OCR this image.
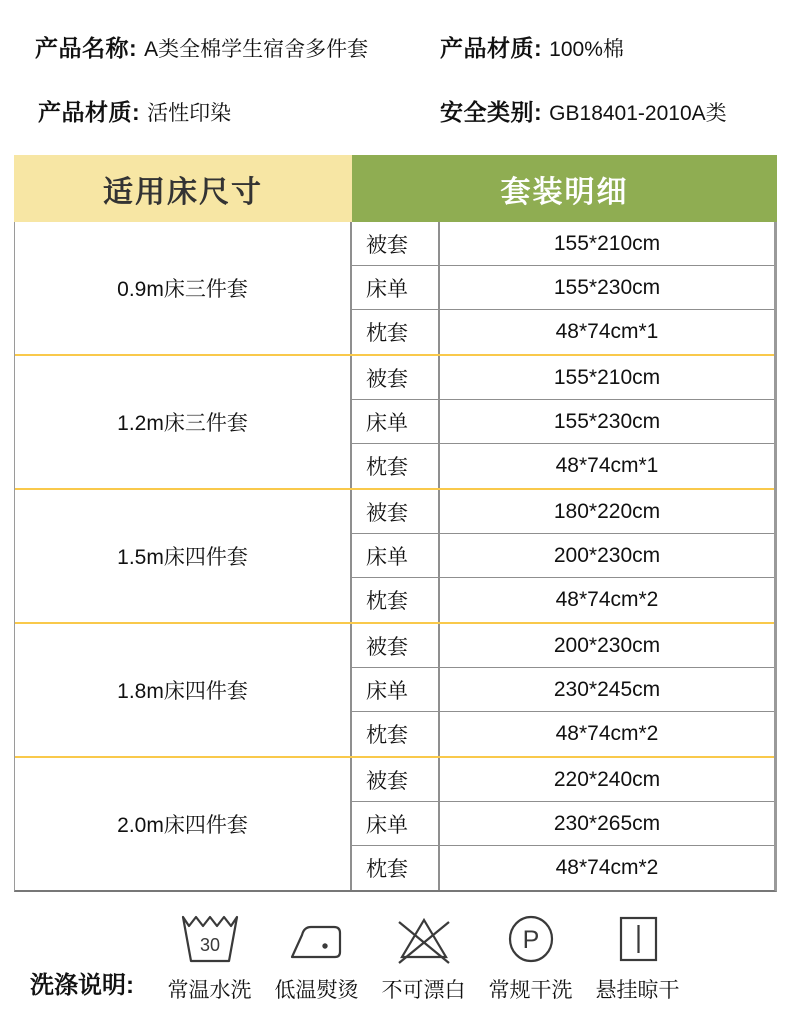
产品名称: A类全棉学生宿舍多件套	产品材质: 100%棉
产品材质: 活性印染	安全类别: GB18401-2010A类
适用床尺寸	套装明细
0.9m床三件套
被套	155*210cm
床单	155*230cm
枕套	48*74cm*1
1.2m床三件套
被套	155*210cm
床单	155*230cm
枕套	48*74cm*1
1.5m床四件套
被套	180*220cm
床单	200*230cm
枕套	48*74cm*2
1.8m床四件套
被套	200*230cm
床单	230*245cm
枕套	48*74cm*2
2.0m床四件套
被套	220*240cm
床单	230*265cm
枕套	48*74cm*2
洗涤说明:
30
常温水洗 低温熨烫 不可漂白
P
常规干洗 悬挂晾干
